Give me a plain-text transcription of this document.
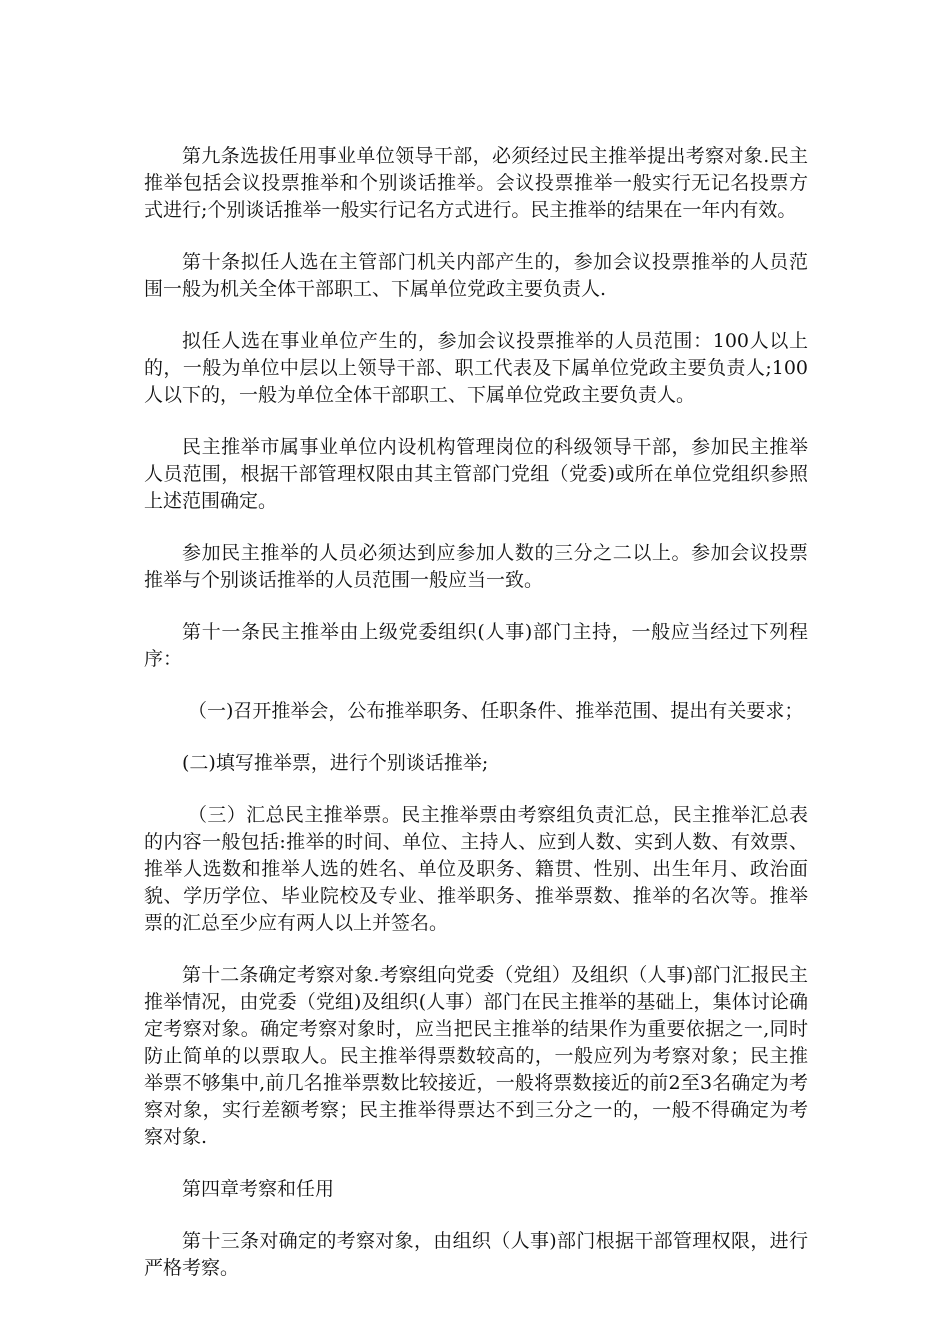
第九条选拔任用事业单位领导干部，必须经过民主推举提出考察对象.民主推举包括会议投票推举和个别谈话推举。会议投票推举一般实行无记名投票方式进行;个别谈话推举一般实行记名方式进行。民主推举的结果在一年内有效。

第十条拟任人选在主管部门机关内部产生的，参加会议投票推举的人员范围一般为机关全体干部职工、下属单位党政主要负责人.

拟任人选在事业单位产生的，参加会议投票推举的人员范围：100人以上的，一般为单位中层以上领导干部、职工代表及下属单位党政主要负责人;100人以下的，一般为单位全体干部职工、下属单位党政主要负责人。

民主推举市属事业单位内设机构管理岗位的科级领导干部，参加民主推举人员范围，根据干部管理权限由其主管部门党组（党委)或所在单位党组织参照上述范围确定。

参加民主推举的人员必须达到应参加人数的三分之二以上。参加会议投票推举与个别谈话推举的人员范围一般应当一致。

第十一条民主推举由上级党委组织(人事)部门主持，一般应当经过下列程序：

（一)召开推举会，公布推举职务、任职条件、推举范围、提出有关要求；

(二)填写推举票，进行个别谈话推举;

（三）汇总民主推举票。民主推举票由考察组负责汇总，民主推举汇总表的内容一般包括:推举的时间、单位、主持人、应到人数、实到人数、有效票、推举人选数和推举人选的姓名、单位及职务、籍贯、性别、出生年月、政治面貌、学历学位、毕业院校及专业、推举职务、推举票数、推举的名次等。推举票的汇总至少应有两人以上并签名。

第十二条确定考察对象.考察组向党委（党组）及组织（人事)部门汇报民主推举情况，由党委（党组)及组织(人事）部门在民主推举的基础上，集体讨论确定考察对象。确定考察对象时，应当把民主推举的结果作为重要依据之一,同时防止简单的以票取人。民主推举得票数较高的，一般应列为考察对象；民主推举票不够集中,前几名推举票数比较接近，一般将票数接近的前2至3名确定为考察对象，实行差额考察；民主推举得票达不到三分之一的，一般不得确定为考察对象.

第四章考察和任用

第十三条对确定的考察对象，由组织（人事)部门根据干部管理权限，进行严格考察。
